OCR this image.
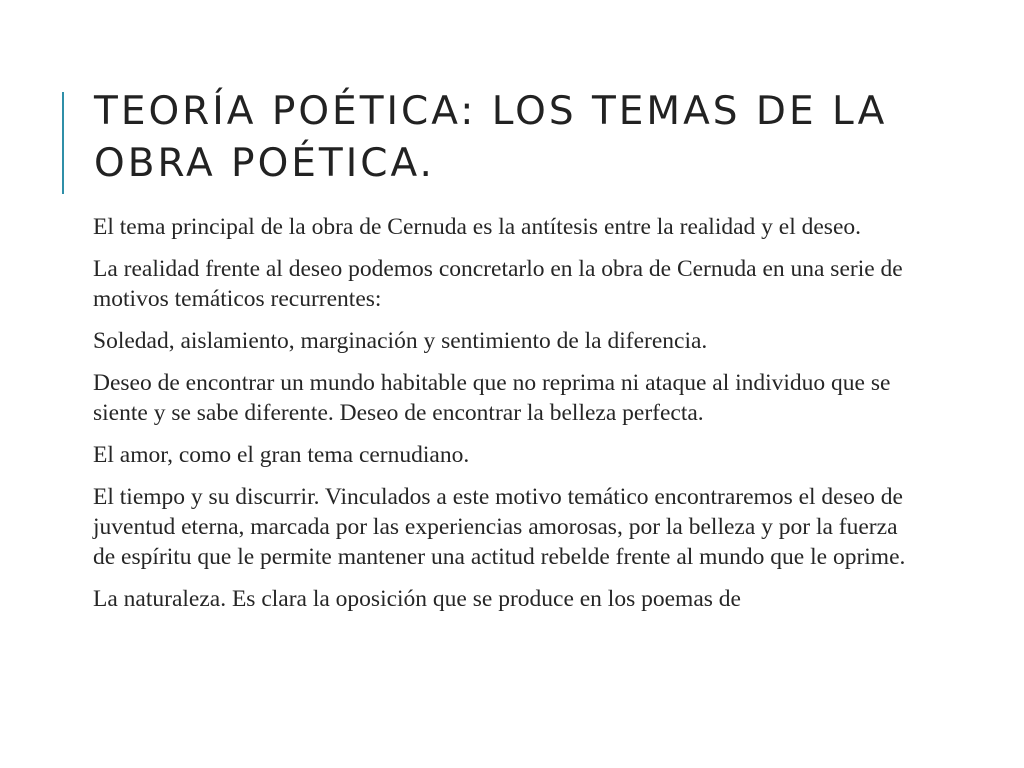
TEORÍA POÉTICA: LOS TEMAS DE LA
OBRA POÉTICA.

El tema principal de la obra de Cernuda es la antítesis entre la realidad y el deseo.

La realidad frente al deseo podemos concretarlo en la obra de Cernuda en una serie de motivos temáticos recurrentes:

Soledad, aislamiento, marginación y sentimiento de la diferencia.

Deseo de encontrar un mundo habitable que no reprima ni ataque al individuo que se siente y se sabe diferente. Deseo de encontrar la belleza perfecta.

El amor, como el gran tema cernudiano.

El tiempo y su discurrir. Vinculados a este motivo temático encontraremos el deseo de juventud eterna, marcada por las experiencias amorosas, por la belleza y por la fuerza de espíritu que le permite mantener una actitud rebelde frente al mundo que le oprime.

La naturaleza. Es clara la oposición que se produce en los poemas de
